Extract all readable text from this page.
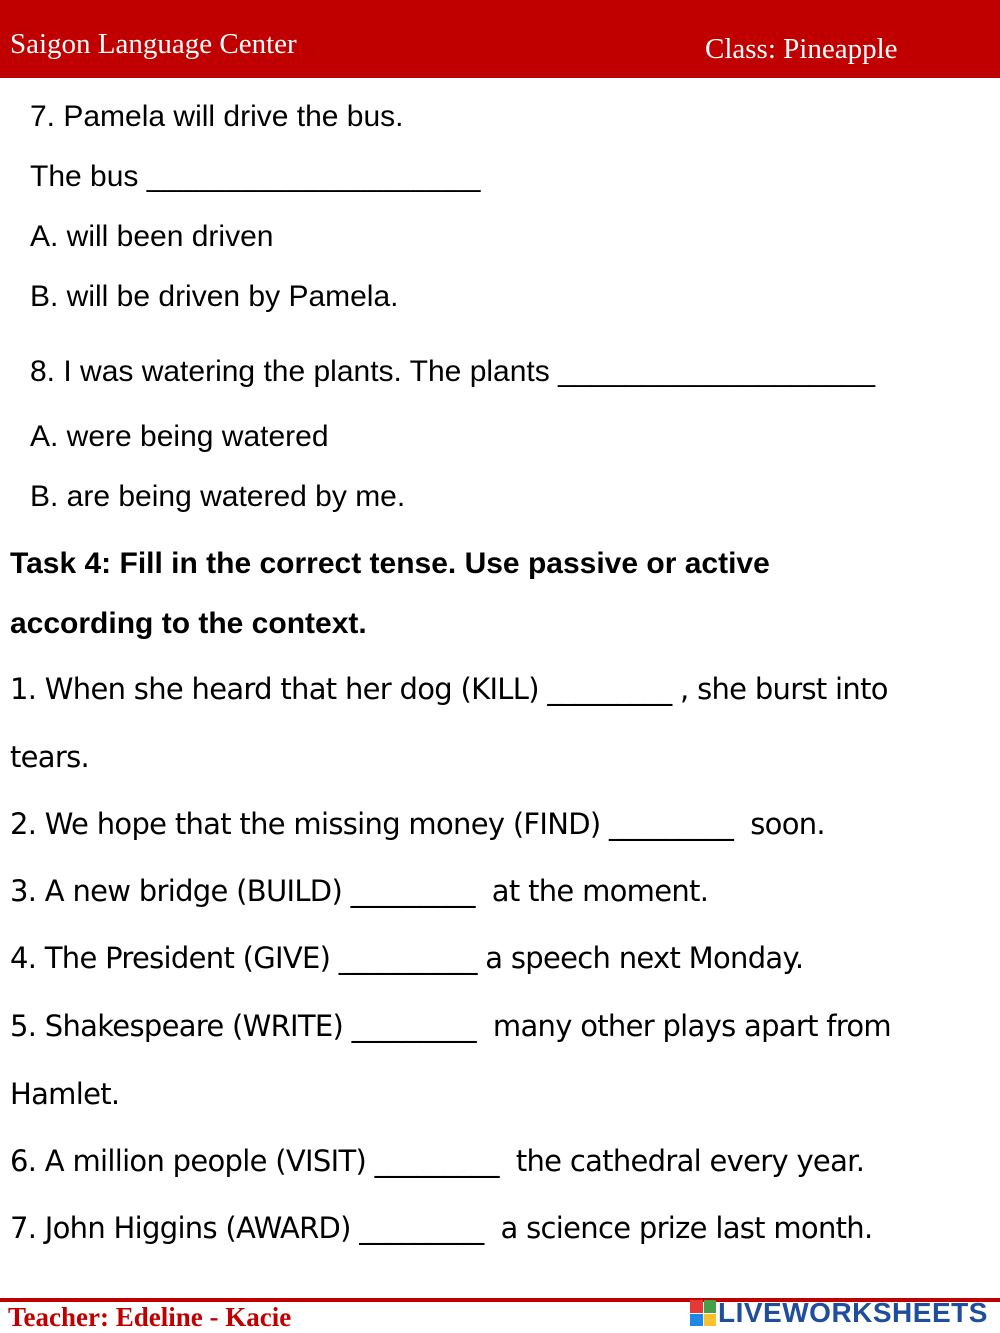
Saigon Language Center	Class: Pineapple
7. Pamela will drive the bus.
The bus ____________________
A. will been driven
B. will be driven by Pamela.
8. I was watering the plants. The plants ___________________
A. were being watered
B. are being watered by me.
Task 4: Fill in the correct tense. Use passive or active
according to the context.
1. When she heard that her dog (KILL) _________ , she burst into
tears.
2. We hope that the missing money (FIND) _________  soon.
3. A new bridge (BUILD) _________  at the moment.
4. The President (GIVE) __________ a speech next Monday.
5. Shakespeare (WRITE) _________  many other plays apart from
Hamlet.
6. A million people (VISIT) _________  the cathedral every year.
7. John Higgins (AWARD) _________  a science prize last month.
Teacher: Edeline - Kacie	LIVEWORKSHEETS
